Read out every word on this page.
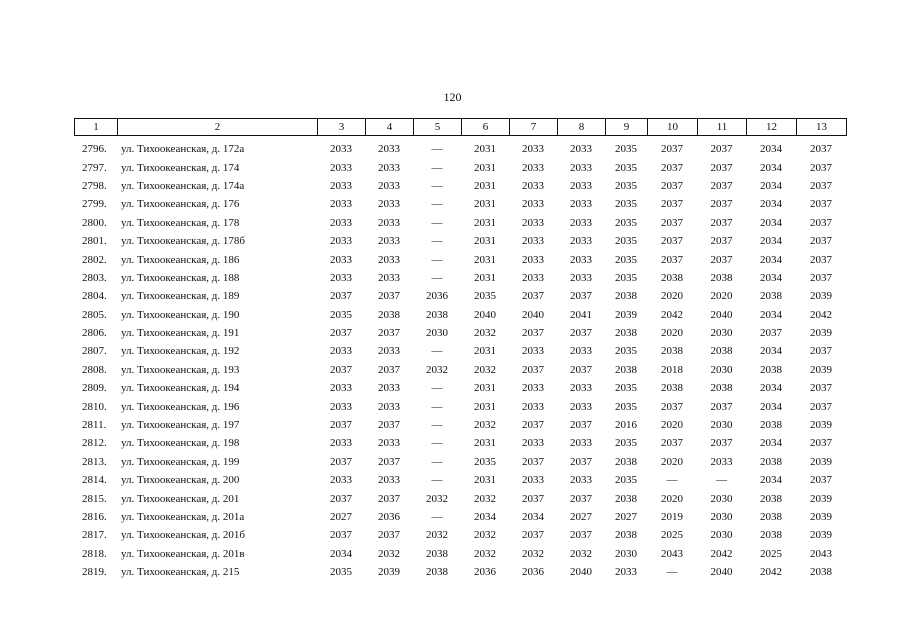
120
1	2	3	4	5	6	7	8	9	10	11	12	13
2796.	ул. Тихоокеанская, д. 172а	2033	2033	—	2031	2033	2033	2035	2037	2037	2034	2037
2797.	ул. Тихоокеанская, д. 174	2033	2033	—	2031	2033	2033	2035	2037	2037	2034	2037
2798.	ул. Тихоокеанская, д. 174а	2033	2033	—	2031	2033	2033	2035	2037	2037	2034	2037
2799.	ул. Тихоокеанская, д. 176	2033	2033	—	2031	2033	2033	2035	2037	2037	2034	2037
2800.	ул. Тихоокеанская, д. 178	2033	2033	—	2031	2033	2033	2035	2037	2037	2034	2037
2801.	ул. Тихоокеанская, д. 178б	2033	2033	—	2031	2033	2033	2035	2037	2037	2034	2037
2802.	ул. Тихоокеанская, д. 186	2033	2033	—	2031	2033	2033	2035	2037	2037	2034	2037
2803.	ул. Тихоокеанская, д. 188	2033	2033	—	2031	2033	2033	2035	2038	2038	2034	2037
2804.	ул. Тихоокеанская, д. 189	2037	2037	2036	2035	2037	2037	2038	2020	2020	2038	2039
2805.	ул. Тихоокеанская, д. 190	2035	2038	2038	2040	2040	2041	2039	2042	2040	2034	2042
2806.	ул. Тихоокеанская, д. 191	2037	2037	2030	2032	2037	2037	2038	2020	2030	2037	2039
2807.	ул. Тихоокеанская, д. 192	2033	2033	—	2031	2033	2033	2035	2038	2038	2034	2037
2808.	ул. Тихоокеанская, д. 193	2037	2037	2032	2032	2037	2037	2038	2018	2030	2038	2039
2809.	ул. Тихоокеанская, д. 194	2033	2033	—	2031	2033	2033	2035	2038	2038	2034	2037
2810.	ул. Тихоокеанская, д. 196	2033	2033	—	2031	2033	2033	2035	2037	2037	2034	2037
2811.	ул. Тихоокеанская, д. 197	2037	2037	—	2032	2037	2037	2016	2020	2030	2038	2039
2812.	ул. Тихоокеанская, д. 198	2033	2033	—	2031	2033	2033	2035	2037	2037	2034	2037
2813.	ул. Тихоокеанская, д. 199	2037	2037	—	2035	2037	2037	2038	2020	2033	2038	2039
2814.	ул. Тихоокеанская, д. 200	2033	2033	—	2031	2033	2033	2035	—	—	2034	2037
2815.	ул. Тихоокеанская, д. 201	2037	2037	2032	2032	2037	2037	2038	2020	2030	2038	2039
2816.	ул. Тихоокеанская, д. 201а	2027	2036	—	2034	2034	2027	2027	2019	2030	2038	2039
2817.	ул. Тихоокеанская, д. 201б	2037	2037	2032	2032	2037	2037	2038	2025	2030	2038	2039
2818.	ул. Тихоокеанская, д. 201в	2034	2032	2038	2032	2032	2032	2030	2043	2042	2025	2043
2819.	ул. Тихоокеанская, д. 215	2035	2039	2038	2036	2036	2040	2033	—	2040	2042	2038
